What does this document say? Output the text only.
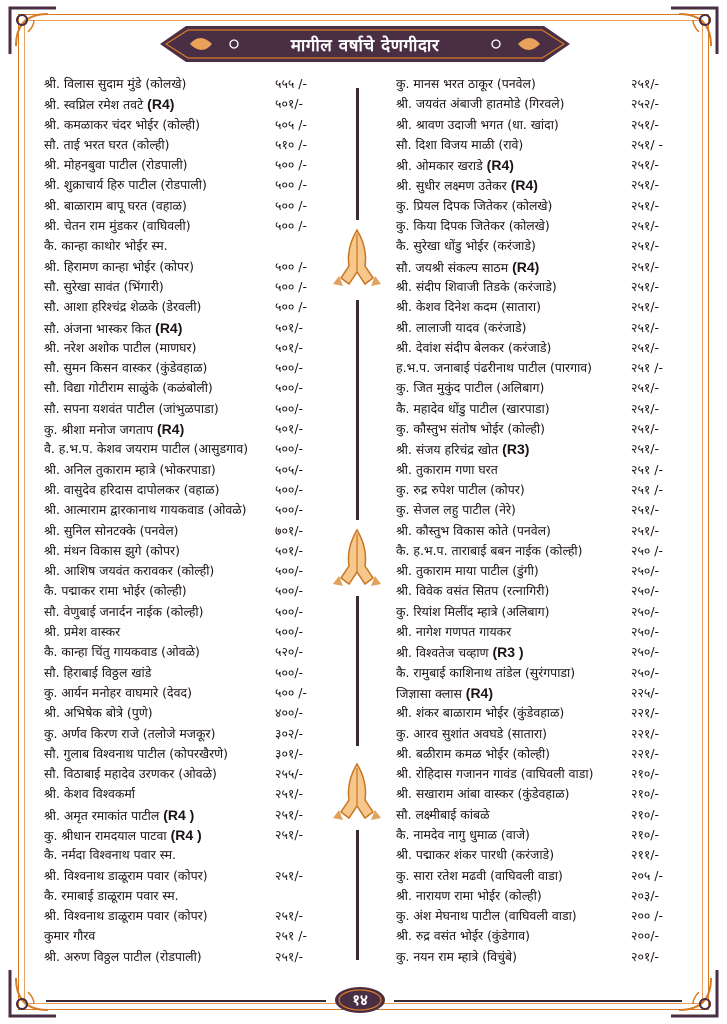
मागील वर्षाचे देणगीदार
श्री. विलास सुदाम मुंडे (कोलखे)	५५५ /-
श्री. स्वप्निल रमेश तवटे (R4)	५०१/-
श्री. कमळाकर चंदर भोईर (कोल्ही)	५०५ /-
सौ. ताई भरत घरत (कोल्ही)	५१० /-
श्री. मोहनबुवा पाटील (रोडपाली)	५०० /-
श्री. शुक्राचार्य हिरु पाटील (रोडपाली)	५०० /-
श्री. बाळाराम बापू घरत (वहाळ)	५०० /-
श्री. चेतन राम मुंडकर (वाघिवली)	५०० /-
कै. कान्हा काथोर भोईर स्म.
श्री. हिरामण कान्हा भोईर (कोपर)	५०० /-
सौ. सुरेखा सावंत (भिंगारी)	५०० /-
सौ. आशा हरिश्चंद्र शेळके (डेरवली)	५०० /-
सौ. अंजना भास्कर कित (R4)	५०१/-
श्री. नरेश अशोक पाटील (माणघर)	५०१/-
सौ. सुमन किसन वास्कर (कुंडेवहाळ)	५००/-
सौ. विद्या गोटीराम साळुंके (कळंबोली)	५००/-
सौ. सपना यशवंत पाटील (जांभुळपाडा)	५००/-
कु. श्रीशा मनोज जगताप (R4)	५०१/-
वै. ह.भ.प. केशव जयराम पाटील (आसुडगाव) ५००/-
श्री. अनिल तुकाराम म्हात्रे (भोकरपाडा)	५०५/-
श्री. वासुदेव हरिदास दापोलकर (वहाळ)	५००/-
श्री. आत्माराम द्वारकानाथ गायकवाड (ओवळे) ५००/-
श्री. सुनिल सोनटक्के (पनवेल)	७०१/-
श्री. मंथन विकास झुगे (कोपर)	५०१/-
श्री. आशिष जयवंत करावकर (कोल्ही)	५००/-
कै. पद्माकर रामा भोईर (कोल्ही)	५००/-
सौ. वेणुबाई जनार्दन नाईक (कोल्ही)	५००/-
श्री. प्रमेश वास्कर	५००/-
कै. कान्हा चिंतु गायकवाड (ओवळे)	५२०/-
सौ. हिराबाई विठ्ठल खांडे	५००/-
कु. आर्यन मनोहर वाघमारे (देवद)	५०० /-
श्री. अभिषेक बोत्रे (पुणे)	४००/-
कु. अर्णव किरण राजे (तलोजे मजकूर)	३०२/-
सौ. गुलाब विश्वनाथ पाटील (कोपरखैरणे)	३०१/-
सौ. विठाबाई महादेव उरणकर (ओवळे)	२५५/-
श्री. केशव विश्वकर्मा	२५१/-
श्री. अमृत रमाकांत पाटील (R4 )	२५१/-
कु. श्रीधान रामदयाल पाटवा (R4 )	२५१/-
कै. नर्मदा विश्वनाथ पवार स्म.
श्री. विश्वनाथ डाळूराम पवार (कोपर)	२५१/-
कै. रमाबाई डाळूराम पवार स्म.
श्री. विश्वनाथ डाळूराम पवार (कोपर)	२५१/-
कुमार गौरव	२५१ /-
श्री. अरुण विठ्ठल पाटील (रोडपाली)	२५१/-
कु. मानस भरत ठाकूर (पनवेल)	२५१/-
श्री. जयवंत अंबाजी हातमोडे (गिरवले)	२५२/-
श्री. श्रावण उदाजी भगत (धा. खांदा)	२५१/-
सौ. दिशा विजय माळी (रावे)	२५१/ -
श्री. ओमकार खराडे (R4)	२५१/-
श्री. सुधीर लक्ष्मण उतेकर (R4)	२५१/-
कु. प्रियल दिपक जितेकर (कोलखे)	२५१/-
कु. किया दिपक जितेकर (कोलखे)	२५१/-
कै. सुरेखा धोंडु भोईर (करंजाडे)	२५१/-
सौ. जयश्री संकल्प साठम (R4)	२५१/-
श्री. संदीप शिवाजी तिडके (करंजाडे)	२५१/-
श्री. केशव दिनेश कदम (सातारा)	२५१/-
श्री. लालाजी यादव (करंजाडे)	२५१/-
श्री. देवांश संदीप बेलकर (करंजाडे)	२५१/-
ह.भ.प. जनाबाई पंढरीनाथ पाटील (पारगाव)	२५१ /-
कु. जित मुकुंद पाटील (अलिबाग)	२५१/-
कै. महादेव धोंडु पाटील (खारपाडा)	२५१/-
कु. कौस्तुभ संतोष भोईर (कोल्ही)	२५१/-
श्री. संजय हरिचंद्र खोत (R3)	२५१/-
श्री. तुकाराम गणा घरत	२५१ /-
कु. रुद्र रुपेश पाटील (कोपर)	२५१ /-
कु. सेजल लहु पाटील (नेरे)	२५१/-
श्री. कौस्तुभ विकास कोते (पनवेल)	२५१/-
कै. ह.भ.प. ताराबाई बबन नाईक (कोल्ही)	२५० /-
श्री. तुकाराम माया पाटील (डुंगी)	२५०/-
श्री. विवेक वसंत सितप (रत्नागिरी)	२५०/-
कु. रियांश मिलींद म्हात्रे (अलिबाग)	२५०/-
श्री. नागेश गणपत गायकर	२५०/-
श्री. विश्वतेज चव्हाण (R3 )	२५०/-
कै. रामुबाई काशिनाथ तांडेल (सुरंगपाडा)	२५०/-
जिज्ञासा क्लास (R4)	२२५/-
श्री. शंकर बाळाराम भोईर (कुंडेवहाळ)	२२१/-
कु. आरव सुशांत अवघडे (सातारा)	२२१/-
श्री. बळीराम कमळ भोईर (कोल्ही)	२२१/-
श्री. रोहिदास गजानन गावंड (वाघिवली वाडा)	२१०/-
श्री. सखाराम आंबा वास्कर (कुंडेवहाळ)	२१०/-
सौ. लक्ष्मीबाई कांबळे	२१०/-
कै. नामदेव नागु धुमाळ (वाजे)	२१०/-
श्री. पद्माकर शंकर पारधी (करंजाडे)	२११/-
कु. सारा रतेश मढवी (वाघिवली वाडा)	२०५ /-
श्री. नारायण रामा भोईर (कोल्ही)	२०३/-
कु. अंश मेघनाथ पाटील (वाघिवली वाडा)	२०० /-
श्री. रुद्र वसंत भोईर (कुंडेगाव)	२००/-
कु. नयन राम म्हात्रे (विचुंबे)	२०१/-
१४
